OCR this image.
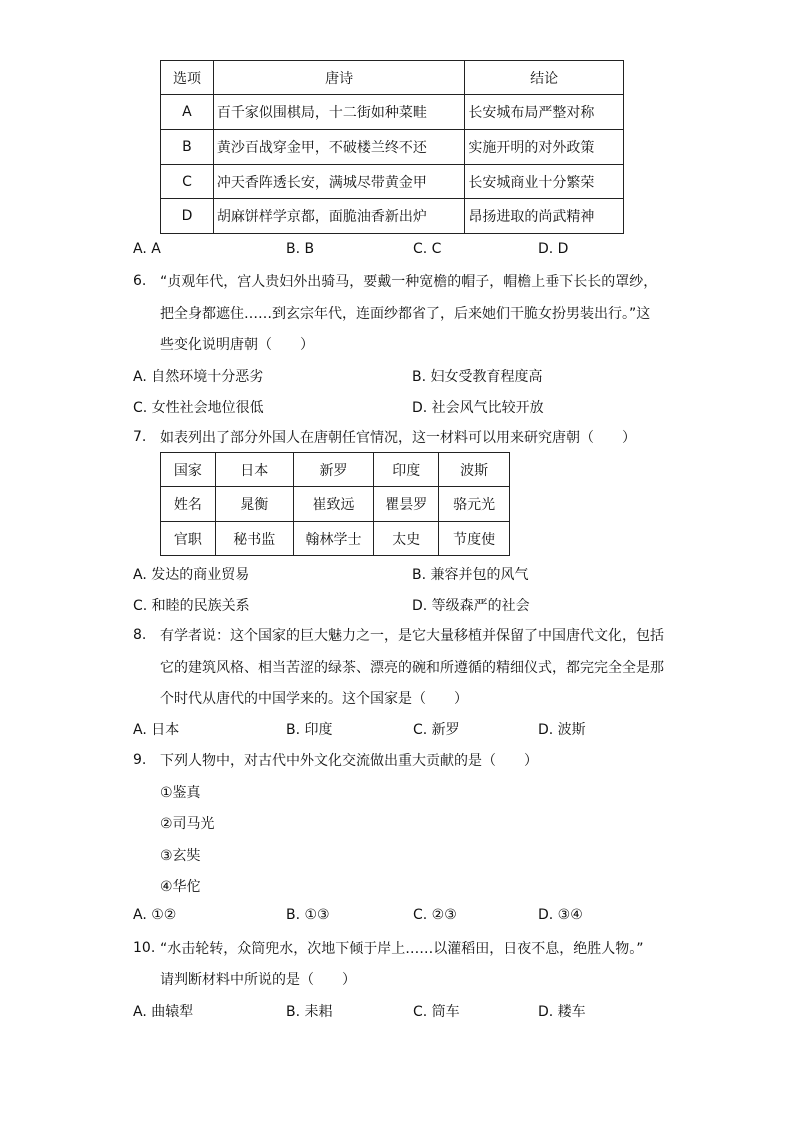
选项	唐诗	结论
A	百千家似围棋局，十二街如种菜畦	长安城布局严整对称
B	黄沙百战穿金甲，不破楼兰终不还	实施开明的对外政策
C	冲天香阵透长安，满城尽带黄金甲	长安城商业十分繁荣
D	胡麻饼样学京都，面脆油香新出炉	昂扬进取的尚武精神
A. A	B. B	C. C	D. D
6. “贞观年代，宫人贵妇外出骑马，要戴一种宽檐的帽子，帽檐上垂下长长的罩纱，
把全身都遮住……到玄宗年代，连面纱都省了，后来她们干脆女扮男装出行。”这
些变化说明唐朝（　　）
A. 自然环境十分恶劣	B. 妇女受教育程度高
C. 女性社会地位很低	D. 社会风气比较开放
7. 如表列出了部分外国人在唐朝任官情况，这一材料可以用来研究唐朝（　　）
国家	日本	新罗	印度	波斯
姓名	晁衡	崔致远	瞿昙罗	骆元光
官职	秘书监	翰林学士	太史	节度使
A. 发达的商业贸易	B. 兼容并包的风气
C. 和睦的民族关系	D. 等级森严的社会
8. 有学者说：这个国家的巨大魅力之一，是它大量移植并保留了中国唐代文化，包括
它的建筑风格、相当苦涩的绿茶、漂亮的碗和所遵循的精细仪式，都完完全全是那
个时代从唐代的中国学来的。这个国家是（　　）
A. 日本	B. 印度	C. 新罗	D. 波斯
9. 下列人物中，对古代中外文化交流做出重大贡献的是（　　）
①鉴真
②司马光
③玄奘
④华佗
A. ①②	B. ①③	C. ②③	D. ③④
10. “水击轮转，众筒兜水，次地下倾于岸上……以灌稻田，日夜不息，绝胜人物。”
请判断材料中所说的是（　　）
A. 曲辕犁	B. 耒耜	C. 筒车	D. 耧车
